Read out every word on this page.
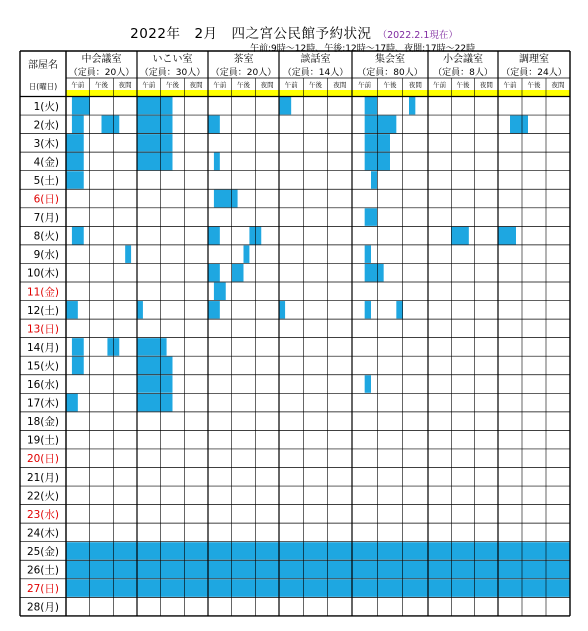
2022年　2月　四之宮公民館予約状況 （2022.2.1現在）
午前:9時～12時、午後:12時～17時、夜間:17時～22時
部屋名
日(曜日)
中会議室
（定員：20人）
午前 午後 夜間
いこい室
（定員：30人）
午前 午後 夜間
茶室
（定員：20人）
午前 午後 夜間
談話室
（定員：14人）
午前 午後 夜間
集会室
（定員：80人）
午前 午後 夜間
小会議室
（定員：8人）
午前 午後 夜間
調理室
（定員：24人）
午前 午後 夜間
1(火)
2(水)
3(木)
4(金)
5(土)
6(日)
7(月)
8(火)
9(水)
10(木)
11(金)
12(土)
13(日)
14(月)
15(火)
16(水)
17(木)
18(金)
19(土)
20(日)
21(月)
22(火)
23(水)
24(木)
25(金)
26(土)
27(日)
28(月)
